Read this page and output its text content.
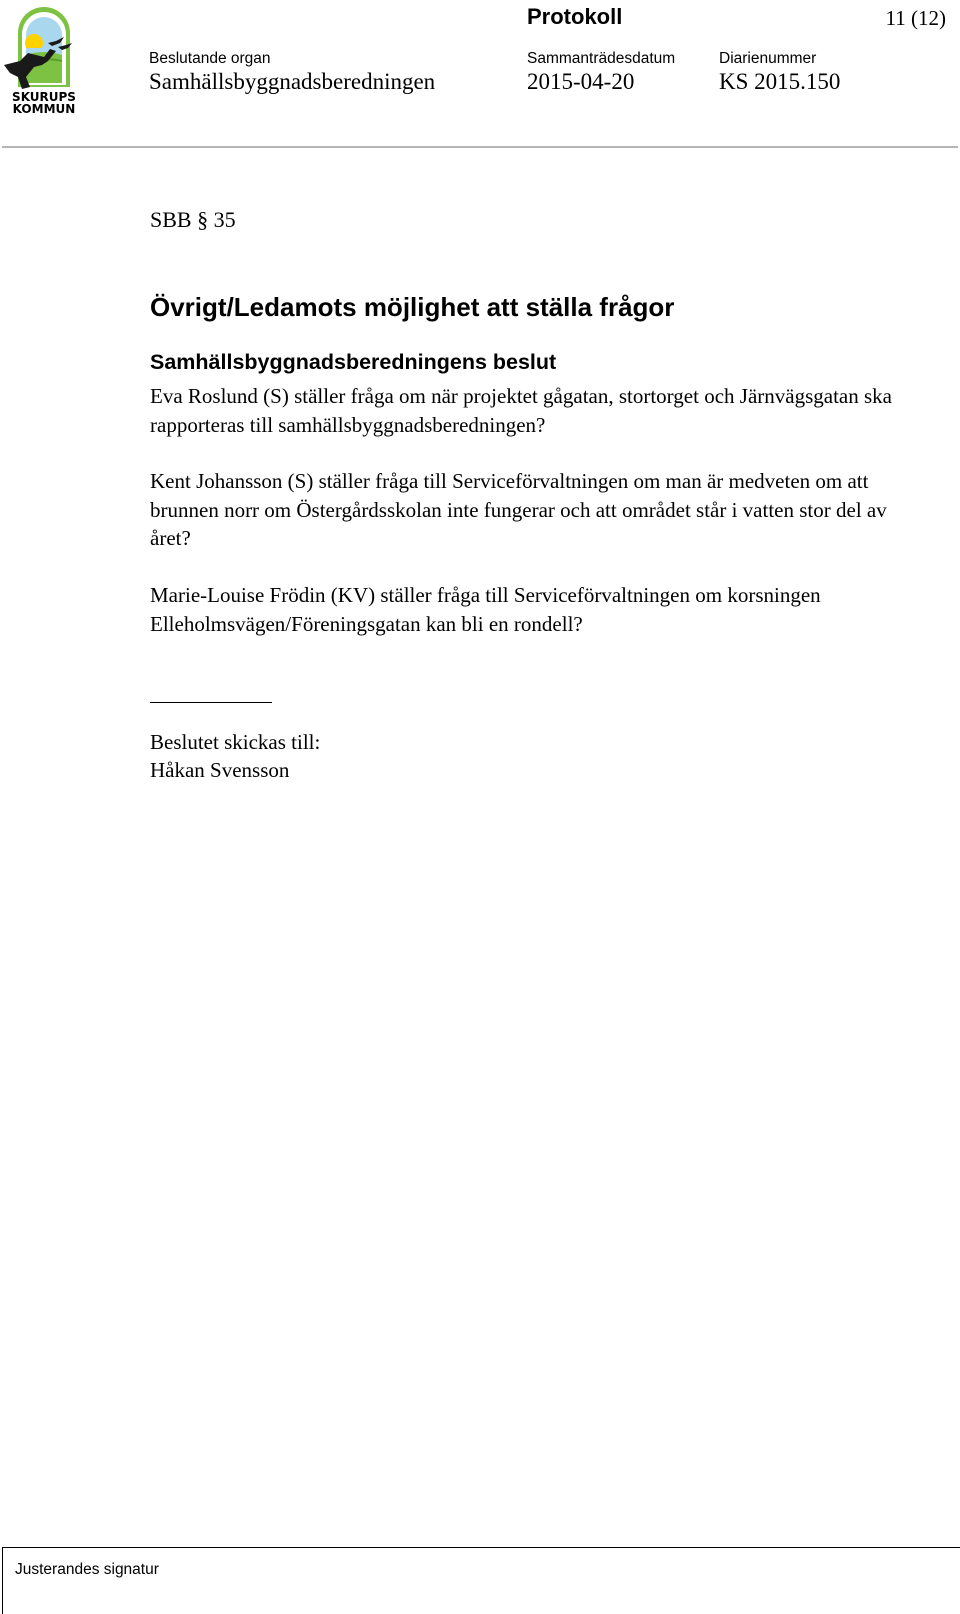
SKURUPS
KOMMUN
Protokoll	11 (12)
Beslutande organ
Samhällsbyggnadsberedningen
Sammanträdesdatum
2015-04-20
Diarienummer
KS 2015.150

SBB § 35

Övrigt/Ledamots möjlighet att ställa frågor
Samhällsbyggnadsberedningens beslut

Eva Roslund (S) ställer fråga om när projektet gågatan, stortorget och Järnvägsgatan ska rapporteras till samhällsbyggnadsberedningen?

Kent Johansson (S) ställer fråga till Serviceförvaltningen om man är medveten om att brunnen norr om Östergårdsskolan inte fungerar och att området står i vatten stor del av året?

Marie-Louise Frödin (KV) ställer fråga till Serviceförvaltningen om korsningen Elleholmsvägen/Föreningsgatan kan bli en rondell?

Beslutet skickas till:

Håkan Svensson

Justerandes signatur
